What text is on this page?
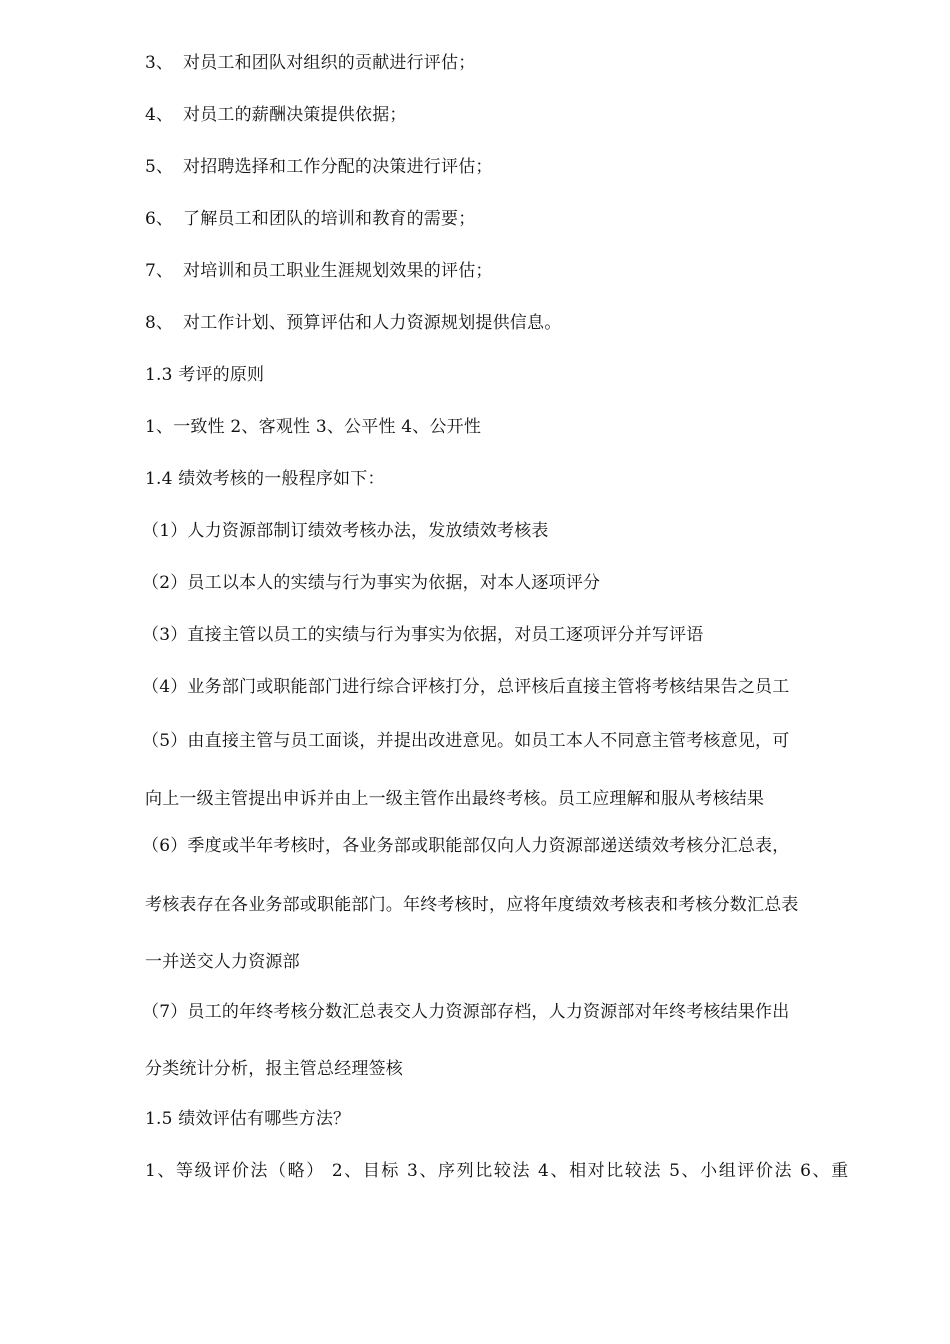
3、 对员工和团队对组织的贡献进行评估；
4、 对员工的薪酬决策提供依据；
5、 对招聘选择和工作分配的决策进行评估；
6、 了解员工和团队的培训和教育的需要；
7、 对培训和员工职业生涯规划效果的评估；
8、 对工作计划、预算评估和人力资源规划提供信息。
1.3 考评的原则
1、一致性 2、客观性 3、公平性 4、公开性
1.4 绩效考核的一般程序如下：
（1）人力资源部制订绩效考核办法，发放绩效考核表
（2）员工以本人的实绩与行为事实为依据，对本人逐项评分
（3）直接主管以员工的实绩与行为事实为依据，对员工逐项评分并写评语
（4）业务部门或职能部门进行综合评核打分，总评核后直接主管将考核结果告之员工
（5）由直接主管与员工面谈，并提出改进意见。如员工本人不同意主管考核意见，可
向上一级主管提出申诉并由上一级主管作出最终考核。员工应理解和服从考核结果
（6）季度或半年考核时，各业务部或职能部仅向人力资源部递送绩效考核分汇总表，
考核表存在各业务部或职能部门。年终考核时，应将年度绩效考核表和考核分数汇总表
一并送交人力资源部
（7）员工的年终考核分数汇总表交人力资源部存档，人力资源部对年终考核结果作出
分类统计分析，报主管总经理签核
1.5 绩效评估有哪些方法？
1、等级评价法（略） 2、目标 3、序列比较法 4、相对比较法 5、小组评价法 6、重
